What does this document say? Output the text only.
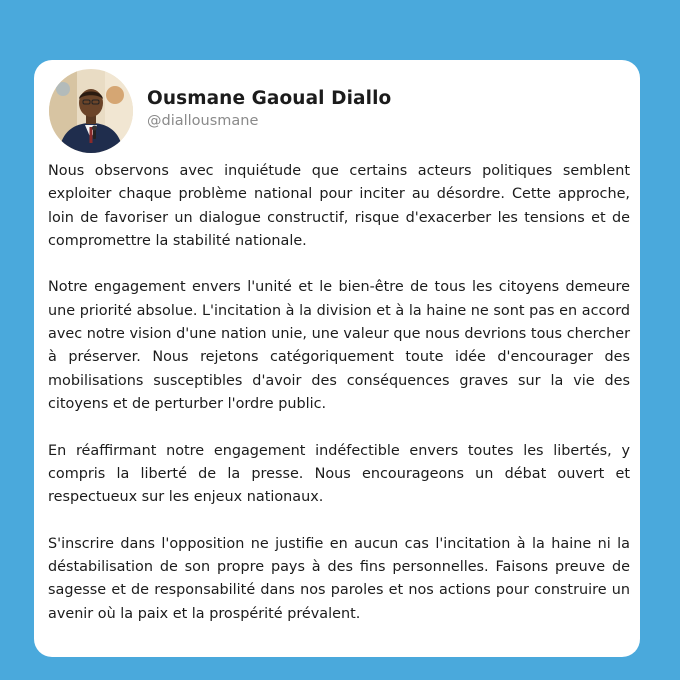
Ousmane Gaoual Diallo
@diallousmane

Nous observons avec inquiétude que certains acteurs politiques semblent exploiter chaque problème national pour inciter au désordre. Cette approche, loin de favoriser un dialogue constructif, risque d'exacerber les tensions et de compromettre la stabilité nationale.

Notre engagement envers l'unité et le bien-être de tous les citoyens demeure une priorité absolue. L'incitation à la division et à la haine ne sont pas en accord avec notre vision d'une nation unie, une valeur que nous devrions tous chercher à préserver. Nous rejetons catégoriquement toute idée d'encourager des mobilisations susceptibles d'avoir des conséquences graves sur la vie des citoyens et de perturber l'ordre public.

En réaffirmant notre engagement indéfectible envers toutes les libertés, y compris la liberté de la presse. Nous encourageons un débat ouvert et respectueux sur les enjeux nationaux.

S'inscrire dans l'opposition ne justifie en aucun cas l'incitation à la haine ni la déstabilisation de son propre pays à des fins personnelles. Faisons preuve de sagesse et de responsabilité dans nos paroles et nos actions pour construire un avenir où la paix et la prospérité prévalent.
